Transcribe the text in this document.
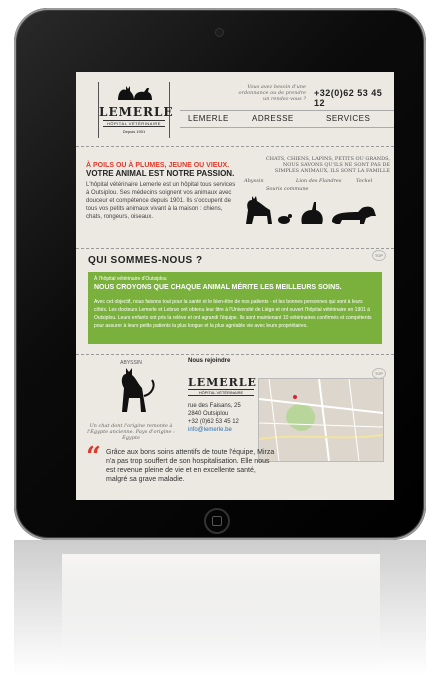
LEMERLE
HÔPITAL VÉTÉRINAIRE
Depuis 1901
Vous avez besoin d'une ordonnance ou de prendre un rendez-vous ?
+32(0)62 53 45 12
LEMERLE	ADRESSE	SERVICES
À POILS OU À PLUMES, JEUNE OU VIEUX.
VOTRE ANIMAL EST NOTRE PASSION.

L'hôpital vétérinaire Lemerle est un hôpital tous services à Outsiplou. Ses médecins soignent vos animaux avec douceur et compétence depuis 1901. Ils s'occupent de tous vos petits animaux vivant à la maison : chiens, chats, rongeurs, oiseaux.

CHATS, CHIENS, LAPINS, PETITS OU GRANDS, NOUS SAVONS QU'ILS NE SONT PAS DE SIMPLES ANIMAUX, ILS SONT LA FAMILLE
Abyssin
Souris commune
Lion des Flandres	Teckel
TOP
QUI SOMMES-NOUS ?
À l'hôpital vétérinaire d'Outsiplou
NOUS CROYONS QUE CHAQUE ANIMAL MÉRITE LES MEILLEURS SOINS.
Avec cet objectif, nous faisons tout pour la santé et le bien-être de nos patients - et les bonnes personnes qui sont à leurs côtés. Les docteurs Lemerle et Lebrun ont obtenu leur titre à l'Université de Liège et ont ouvert l'hôpital vétérinaire en 1901 à Outsiplou. Leurs enfants ont pris la relève et ont agrandi l'équipe. Ils sont maintenant 10 vétérinaires confirmés et compétents pour assurer à leurs petits patients la plus longue et la plus agréable vie avec leurs propriétaires.
TOP
Nous rejoindre
ABYSSIN
Un chat dont l'origine remonte à l'Égypte ancienne. Pays d'origine : Égypte
LEMERLE
HÔPITAL VÉTÉRINAIRE
rue des Faisans, 25
2840 Outsiplou
+32 (0)62 53 45 12
info@lemerle.be
“ Grâce aux bons soins attentifs de toute l'équipe, Mirza n'a pas trop souffert de son hospitalisation. Elle nous est revenue pleine de vie et en excellente santé, malgré sa grave maladie.
